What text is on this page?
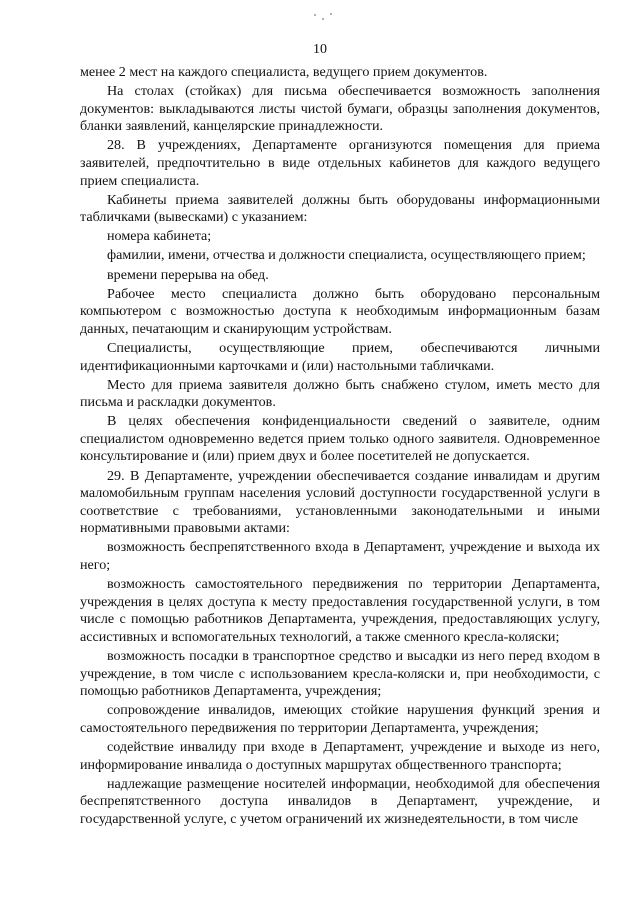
10

менее 2 мест на каждого специалиста, ведущего прием документов.

На столах (стойках) для письма обеспечивается возможность заполнения документов: выкладываются листы чистой бумаги, образцы заполнения документов, бланки заявлений, канцелярские принадлежности.

28. В учреждениях, Департаменте организуются помещения для приема заявителей, предпочтительно в виде отдельных кабинетов для каждого ведущего прием специалиста.

Кабинеты приема заявителей должны быть оборудованы информационными табличками (вывесками) с указанием:

номера кабинета;

фамилии, имени, отчества и должности специалиста, осуществляющего прием;

времени перерыва на обед.

Рабочее место специалиста должно быть оборудовано персональным компьютером с возможностью доступа к необходимым информационным базам данных, печатающим и сканирующим устройствам.

Специалисты, осуществляющие прием, обеспечиваются личными идентификационными карточками и (или) настольными табличками.

Место для приема заявителя должно быть снабжено стулом, иметь место для письма и раскладки документов.

В целях обеспечения конфиденциальности сведений о заявителе, одним специалистом одновременно ведется прием только одного заявителя. Одновременное консультирование и (или) прием двух и более посетителей не допускается.

29. В Департаменте, учреждении обеспечивается создание инвалидам и другим маломобильным группам населения условий доступности государственной услуги в соответствие с требованиями, установленными законодательными и иными нормативными правовыми актами:

возможность беспрепятственного входа в Департамент, учреждение и выхода их него;

возможность самостоятельного передвижения по территории Департамента, учреждения в целях доступа к месту предоставления государственной услуги, в том числе с помощью работников Департамента, учреждения, предоставляющих услугу, ассистивных и вспомогательных технологий, а также сменного кресла-коляски;

возможность посадки в транспортное средство и высадки из него перед входом в учреждение, в том числе с использованием кресла-коляски и, при необходимости, с помощью работников Департамента, учреждения;

сопровождение инвалидов, имеющих стойкие нарушения функций зрения и самостоятельного передвижения по территории Департамента, учреждения;

содействие инвалиду при входе в Департамент, учреждение и выходе из него, информирование инвалида о доступных маршрутах общественного транспорта;

надлежащие размещение носителей информации, необходимой для обеспечения беспрепятственного доступа инвалидов в Департамент, учреждение, и государственной услуге, с учетом ограничений их жизнедеятельности, в том числе
